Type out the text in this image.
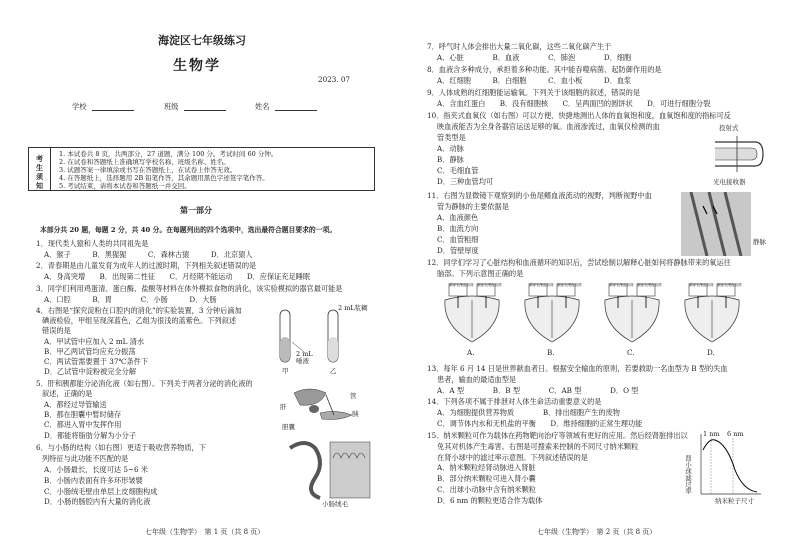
海淀区七年级练习
生物学
2023. 07
学校	班级	姓名
考
生
须
知
1. 本试卷共 8 页，共两部分，27 道题，满分 100 分。考试时间 60 分钟。
2. 在试卷和答题纸上准确填写学校名称、班级名称、姓名。
3. 试题答案一律填涂或书写在答题纸上，在试卷上作答无效。
4. 在答题纸上，选择题用 2B 铅笔作答，其余题用黑色字迹签字笔作答。
5. 考试结束，请将本试卷和答题纸一并交回。
第一部分
本部分共 20 题，每题 2 分，共 40 分。在每题列出的四个选项中，选出最符合题目要求的一项。
1．现代类人猿和人类的共同祖先是
A．猴子　　　B．黑猩猩　　　C．森林古猿　　　D．北京猿人
2．青春期是由儿童发育为成年人的过渡时期，下列相关叙述错误的是
A．身高突增　　B．出现第二性征　　C．月经期不能运动　　D．应保证充足睡眠
3．同学们利用鸡蛋清、蛋白酶、盐酸等材料在体外模拟食物的消化，该实验模拟的器官最可能是
A．口腔　　　B．胃　　　　C．小肠　　　D．大肠
4．右图是“探究淀粉在口腔内的消化”的实验装置，3 分钟后滴加
碘液检验，甲组呈现深蓝色，乙组为很浅的蓝紫色。下列叙述
错误的是
A．甲试管中应加入 2 mL 清水
B．甲乙两试管均应充分振荡
C．两试管需要置于 37℃条件下
D．乙试管中淀粉被完全分解
5．肝和胰都能分泌消化液（如右图）。下列关于两者分泌的消化液的
叙述，正确的是
A．都经过导管输送
B．都在胆囊中暂时储存
C．都进入胃中发挥作用
D．都能将脂肪分解为小分子
6．与小肠的结构（如右图）更适于吸收营养物质，下
列特征与此功能不匹配的是
A．小肠最长，长度可达 5~6 米
B．小肠内表面有许多环形皱襞
C．小肠绒毛壁由单层上皮细胞构成
D．小肠的肠腔内有大量的消化液
2 mL浆糊
2 mL
唾液
甲	乙
肝
胆囊
管
胰
小肠绒毛
七年级（生物学）　第 1 页（共 8 页）
7．呼气时人体会排出大量二氧化碳，这些二氧化碳产生于
A．心脏　　　　B．血液　　　　C．肺泡　　　　D．细胞
8．血液含多种成分，承担着多种功能。其中能吞噬病菌、起防御作用的是
A．红细胞　　　B．白细胞　　　C．血小板　　　D．血浆
9．人体成熟的红细胞能运输氧。下列关于该细胞的叙述，错误的是
A．含血红蛋白　　B．没有细胞核　　C．呈两面凹的圆饼状　　D．可进行细胞分裂
10．指夹式血氧仪（如右图）可以方便、快捷地测出人体的血氧饱和度，血氧饱和度的指标可反
映血液能否为全身各器官运送足够的氧。血液渗流过，血氧仪检测的血
管类型是
A．动脉
B．静脉
C．毛细血管
D．三种血管均可
11．右图为显微镜下观察到的小鱼尾鳍血液流动的视野，判断视野中血
管为静脉的主要依据是
A．血液颜色
B．血流方向
C．血管粗细
D．管壁厚度
12．同学们学习了心脏结构和血液循环的知识后，尝试绘制以解释心脏如何将静脉带来的氧运往
脑部。下列示意图正确的是
13．每年 6 月 14 日是世界献血者日。根据安全输血的原则，若要救助一名血型为 B 型的失血
患者，输血的最适血型是
A．A 型　　　　B．B 型　　　　C．AB 型　　　　D．O 型
14．下列各项不属于排泄对人体生命活动重要意义的是
A．为细胞提供营养物质　　　　B．排出细胞产生的废物
C．调节体内水和无机盐的平衡　　D．维持细胞的正常生理功能
15．纳米颗粒可作为载体在药物靶向治疗等领域有更好的应用。然后经肾脏排出以
免其对机体产生毒害。右图是可搜索来控制的不同尺寸纳米颗粒
在肾小球中的滤过率示意图。下列叙述错误的是
A．纳米颗粒经肾动脉进入肾脏
B．部分纳米颗粒可进入肾小囊
C．出球小动脉中含有纳米颗粒
D．6 nm 的颗粒更适合作为载体
投射式
光电接收器
静脉
A.
肺部毛细血管网 脑部毛细血管网
B.
肺部毛细血管网 脑部毛细血管网
C.
肺部毛细血管网 脑部毛细血管网
D.
肺部毛细血管网 脑部毛细血管网
1 nm 6 nm
纳米粒子尺寸
肾小球滤过率
七年级（生物学）　第 2 页（共 8 页）
